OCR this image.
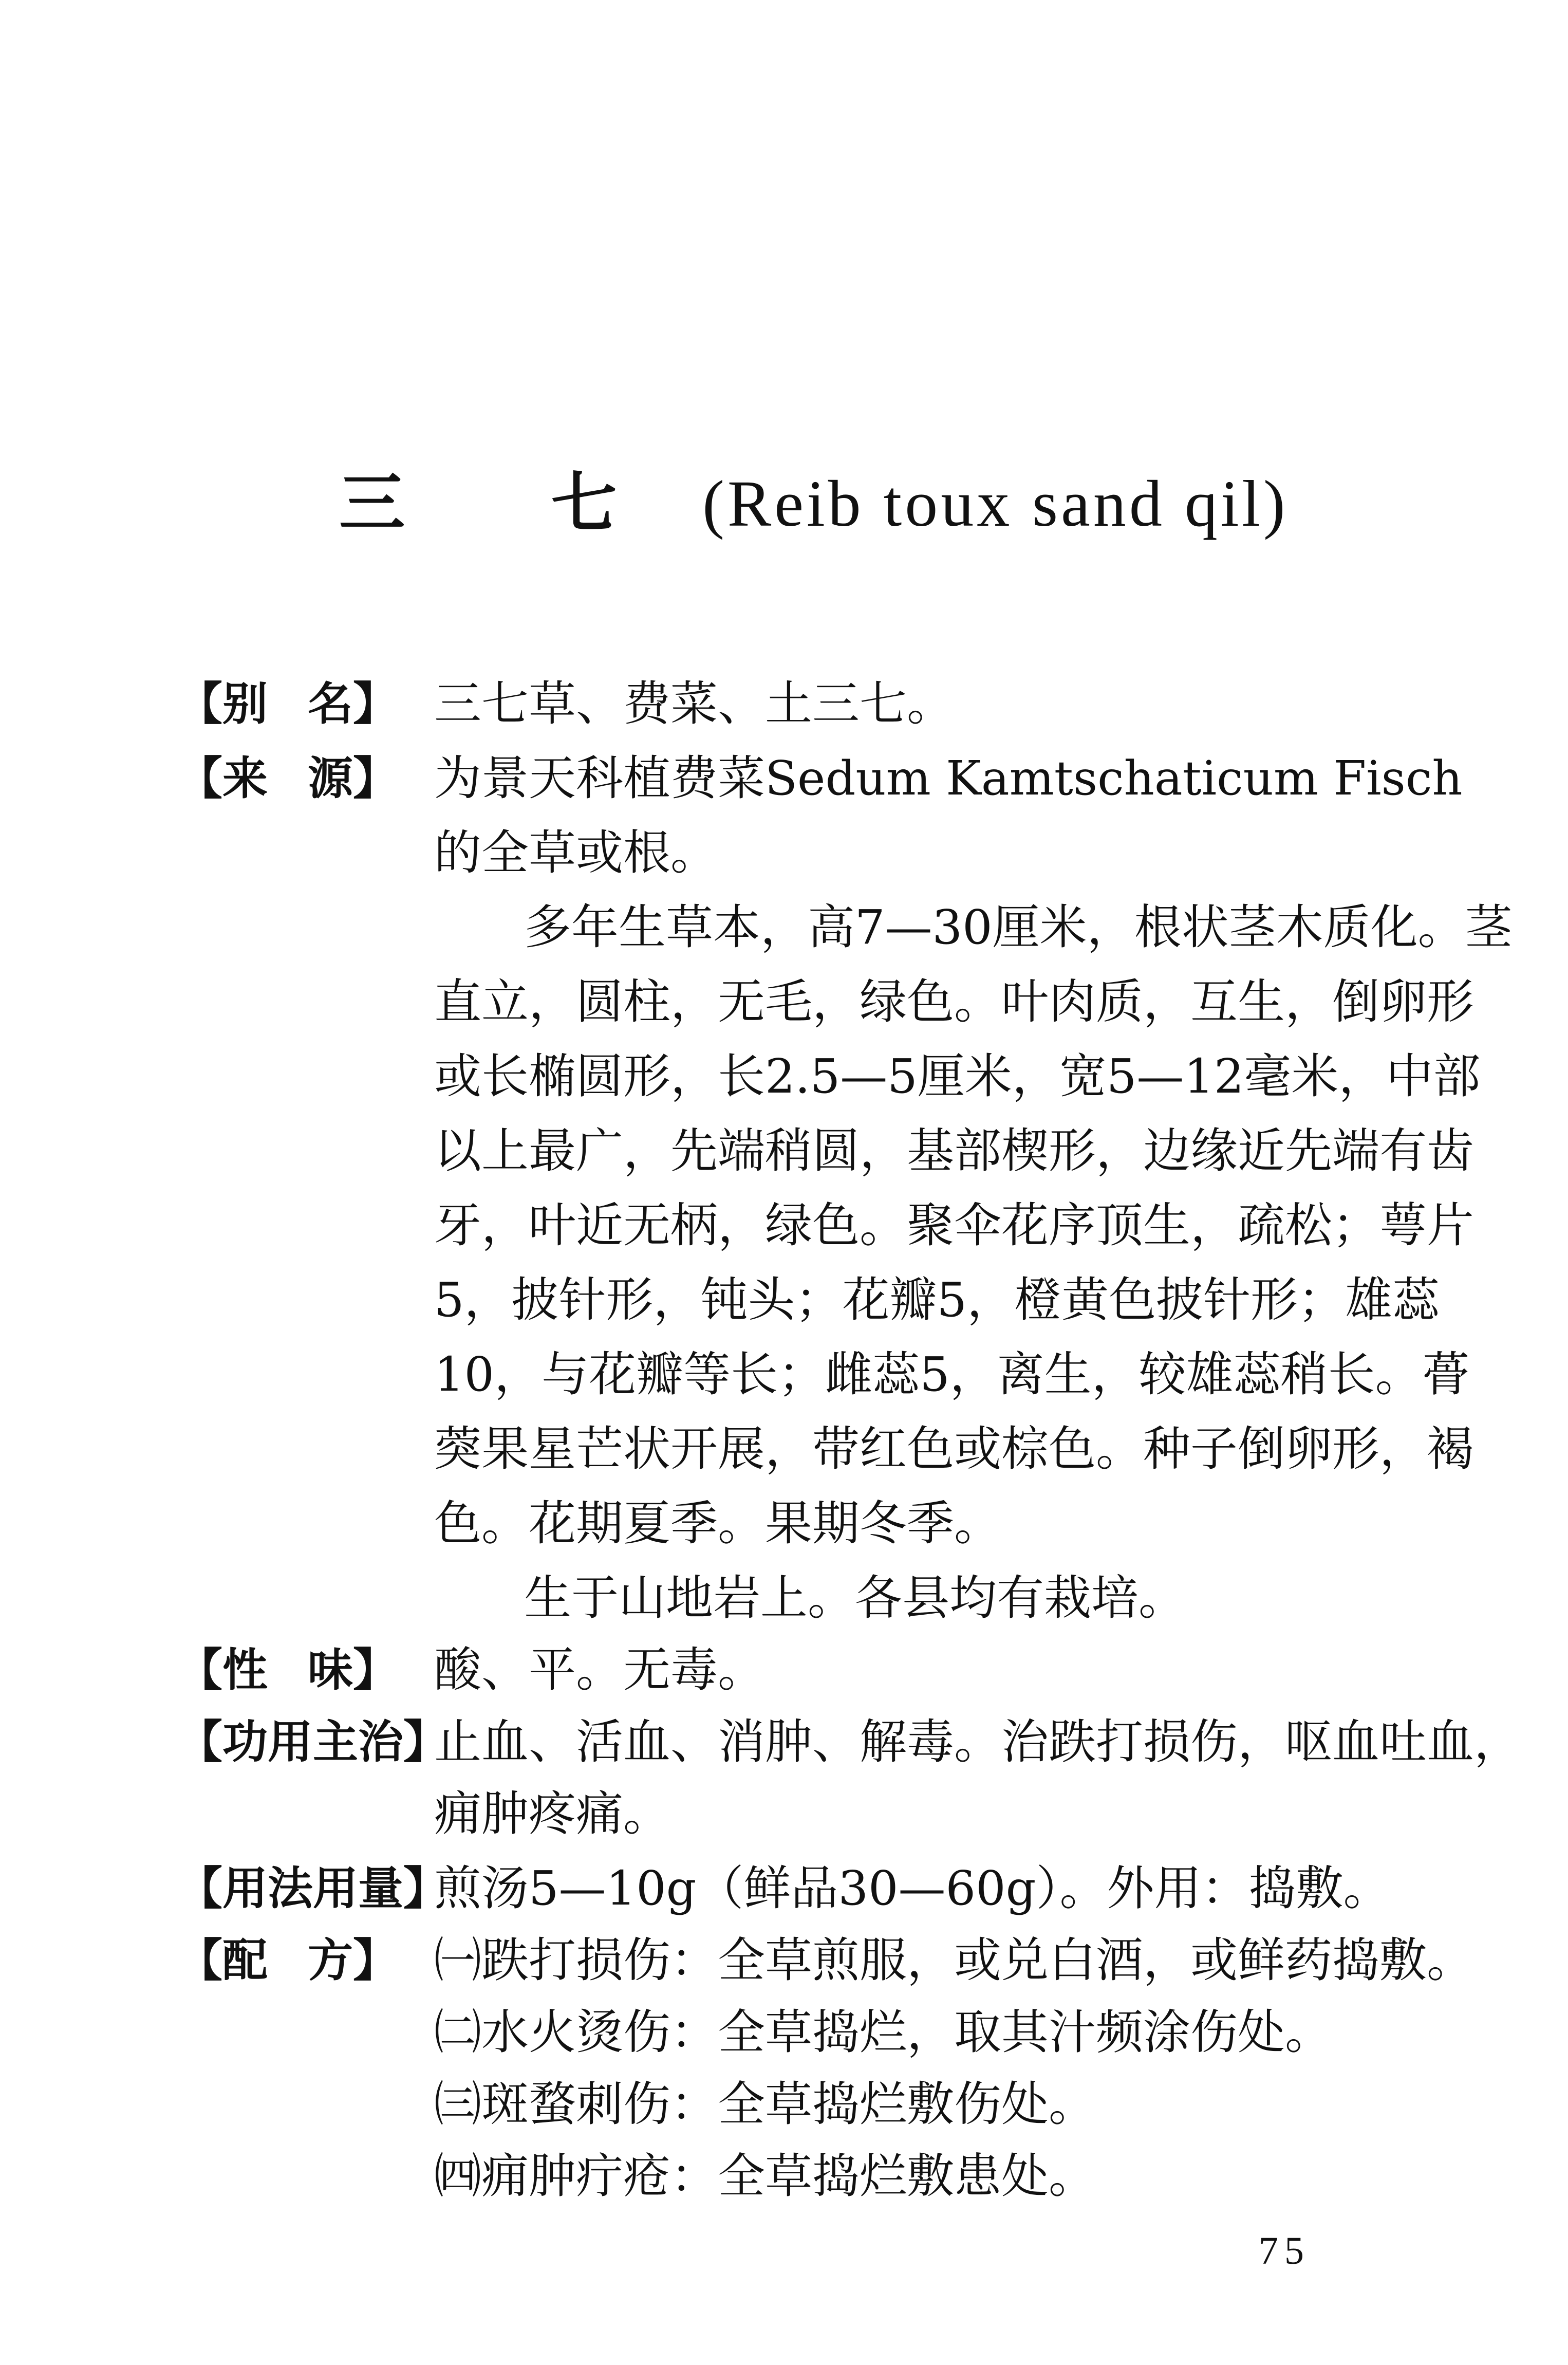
三 七 (Reib toux sand qil)
【别 名】 三七草、费菜、土三七。
【来 源】 为景天科植费菜Sedum Kamtschaticum Fisch
的全草或根。
多年生草本，高7—30厘米，根状茎木质化。茎
直立，圆柱，无毛，绿色。叶肉质，互生，倒卵形
或长椭圆形，长2.5—5厘米，宽5—12毫米，中部
以上最广，先端稍圆，基部楔形，边缘近先端有齿
牙，叶近无柄，绿色。聚伞花序顶生，疏松；萼片
5，披针形，钝头；花瓣5，橙黄色披针形；雄蕊
10，与花瓣等长；雌蕊5，离生，较雄蕊稍长。蓇
葖果星芒状开展，带红色或棕色。种子倒卵形，褐
色。花期夏季。果期冬季。
生于山地岩上。各县均有栽培。
【性 味】 酸、平。无毒。
【功用主治】
止血、活血、消肿、解毒。治跌打损伤，呕血吐血，
痈肿疼痛。
【用法用量】
煎汤5—10g（鲜品30—60g）。外用：捣敷。
【配 方】 ㈠跌打损伤：全草煎服，或兑白酒，或鲜药捣敷。
㈡水火烫伤：全草捣烂，取其汁频涂伤处。
㈢斑蝥刺伤：全草捣烂敷伤处。
㈣痈肿疔疮：全草捣烂敷患处。
75
